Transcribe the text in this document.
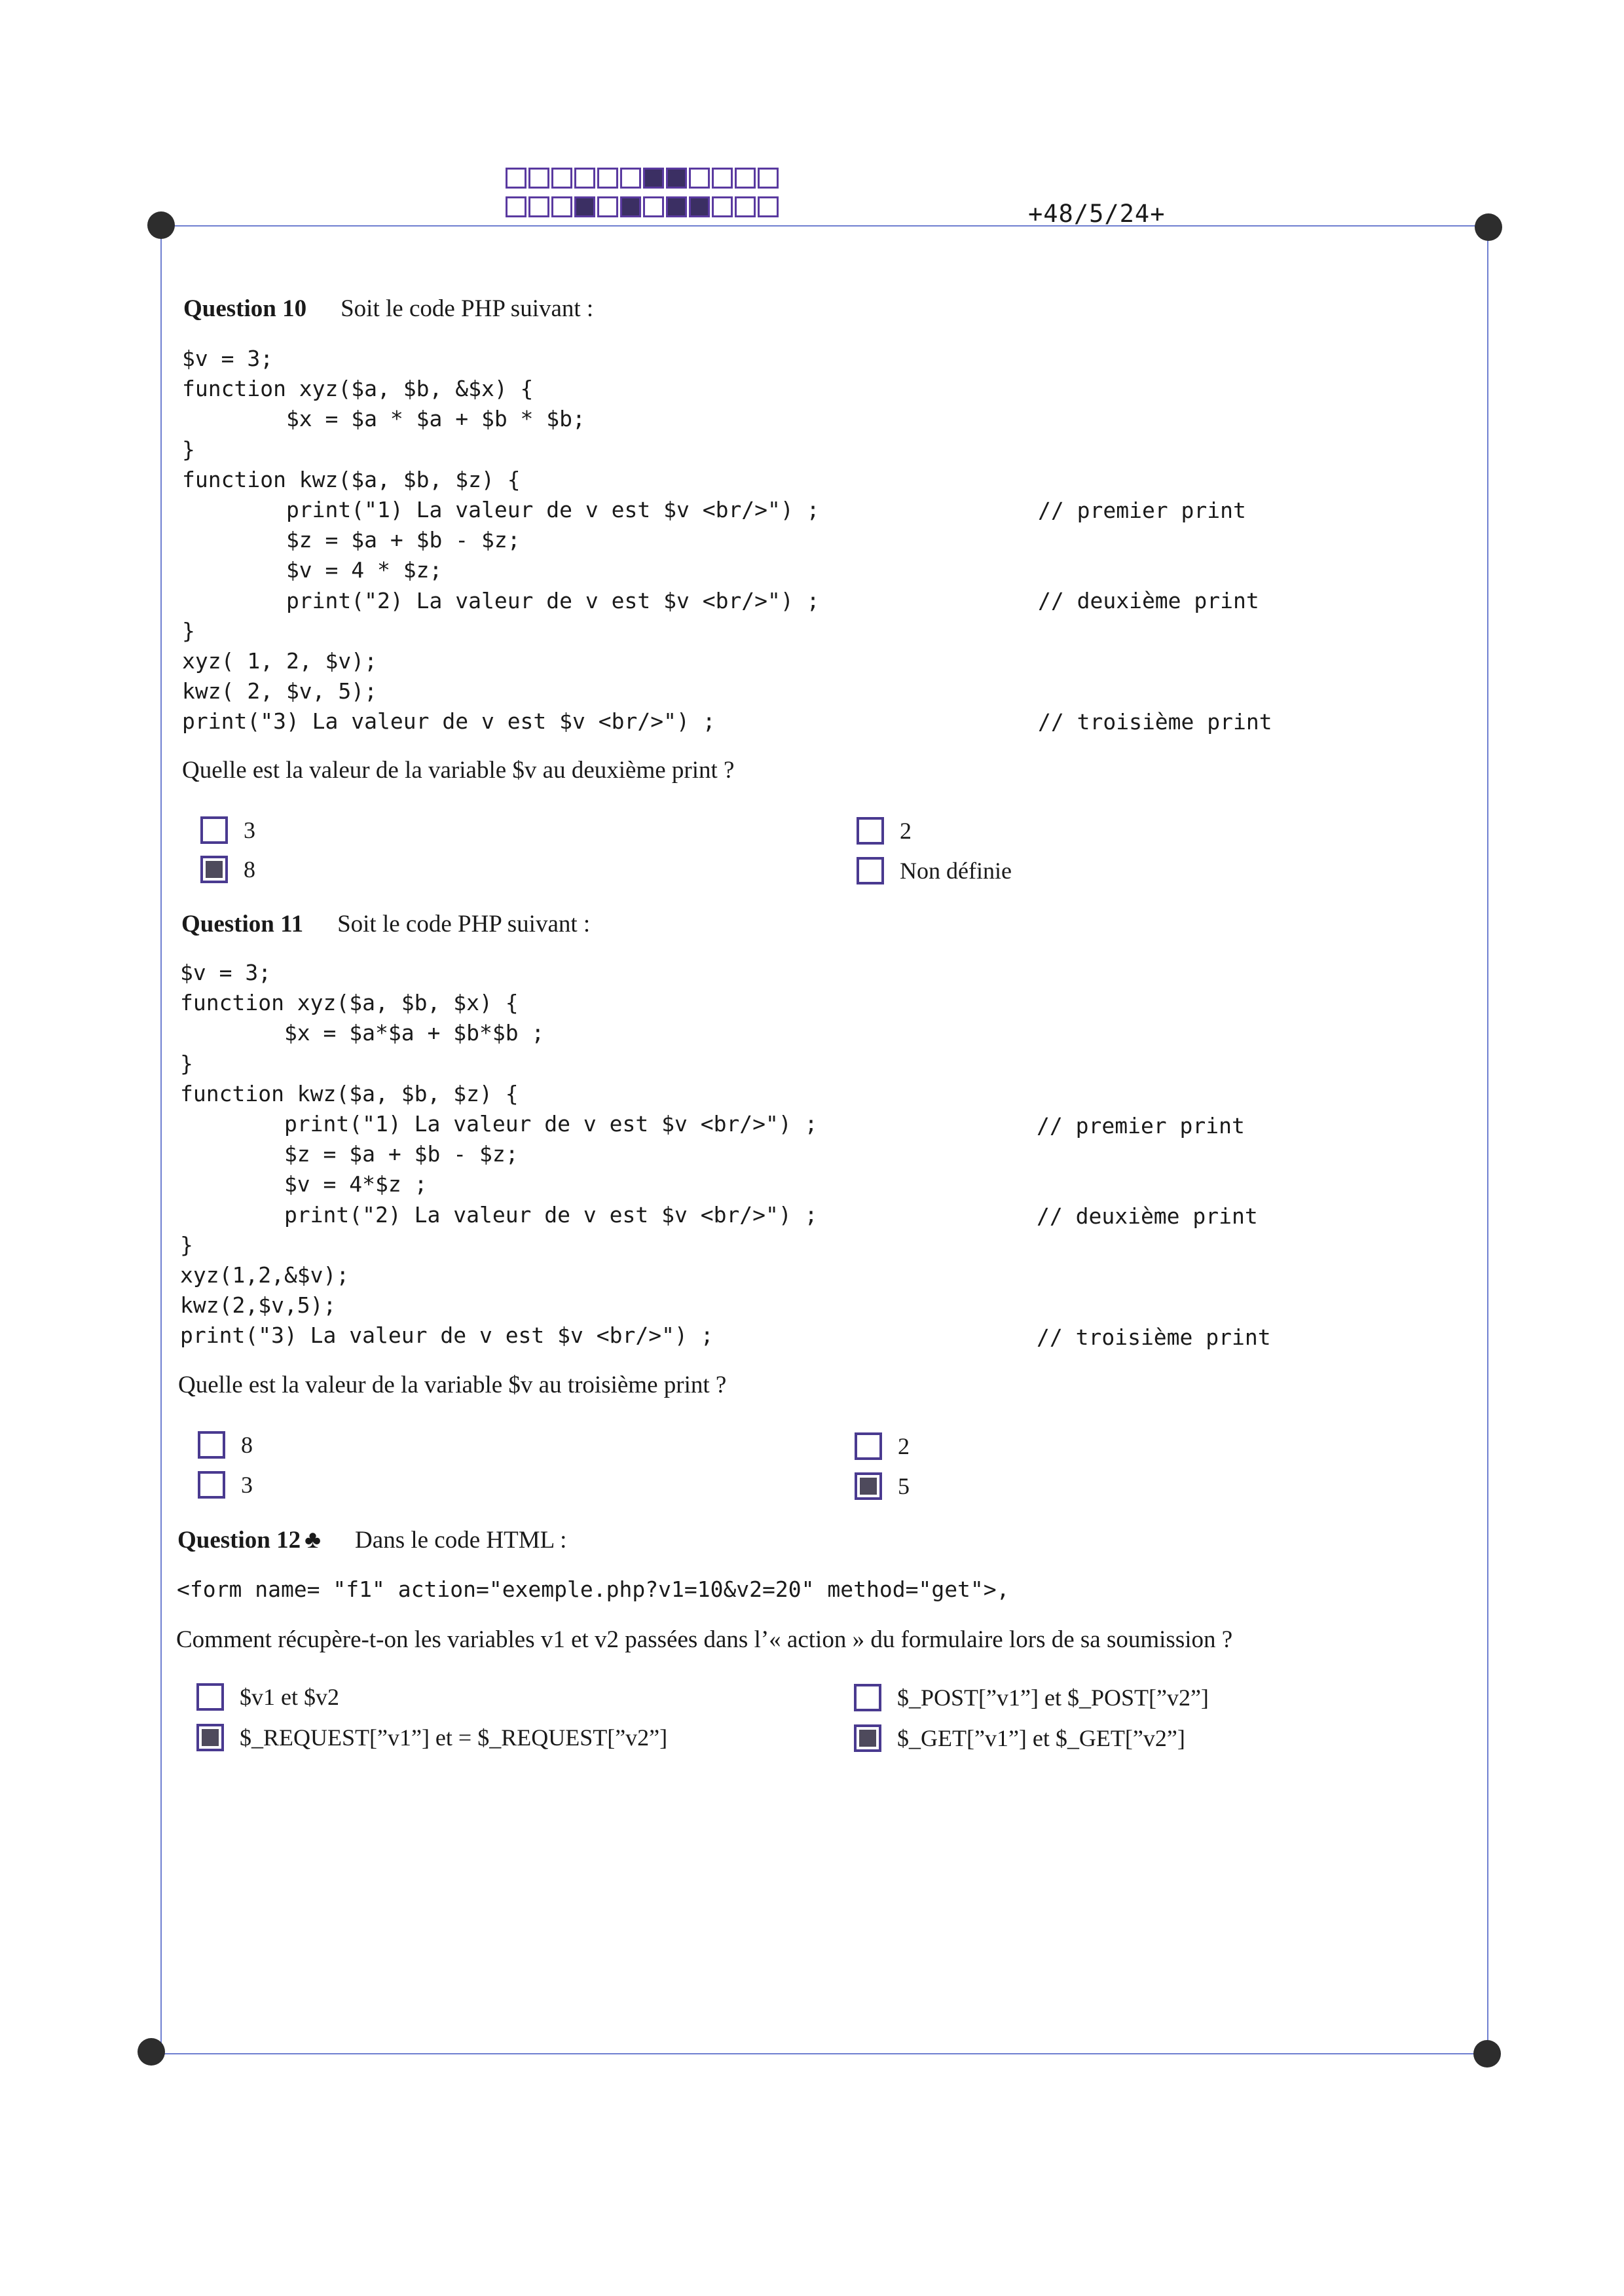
+48/5/24+
Question 10 Soit le code PHP suivant :
$v = 3;
function xyz($a, $b, &$x) {
$x = $a * $a + $b * $b;
}
function kwz($a, $b, $z) {
print("1) La valeur de v est $v <br/>") ;
$z = $a + $b - $z;
$v = 4 * $z;
print("2) La valeur de v est $v <br/>") ;
}
xyz( 1, 2, $v);
kwz( 2, $v, 5);
print("3) La valeur de v est $v <br/>") ;
// premier print
// deuxième print
// troisième print
Quelle est la valeur de la variable $v au deuxième print ?
3	2
8	Non définie
Question 11 Soit le code PHP suivant :
$v = 3;
function xyz($a, $b, $x) {
$x = $a*$a + $b*$b ;
}
function kwz($a, $b, $z) {
print("1) La valeur de v est $v <br/>") ;
$z = $a + $b - $z;
$v = 4*$z ;
print("2) La valeur de v est $v <br/>") ;
}
xyz(1,2,&$v);
kwz(2,$v,5);
print("3) La valeur de v est $v <br/>") ;
// premier print
// deuxième print
// troisième print
Quelle est la valeur de la variable $v au troisième print ?
8	2
3	5
Question 12 ♣ Dans le code HTML :
<form name= "f1" action="exemple.php?v1=10&v2=20" method="get">,
Comment récupère-t-on les variables v1 et v2 passées dans l’« action » du formulaire lors de sa soumission ?
$v1 et $v2	$_POST[”v1”] et $_POST[”v2”]
$_REQUEST[”v1”] et = $_REQUEST[”v2”]	$_GET[”v1”] et $_GET[”v2”]
